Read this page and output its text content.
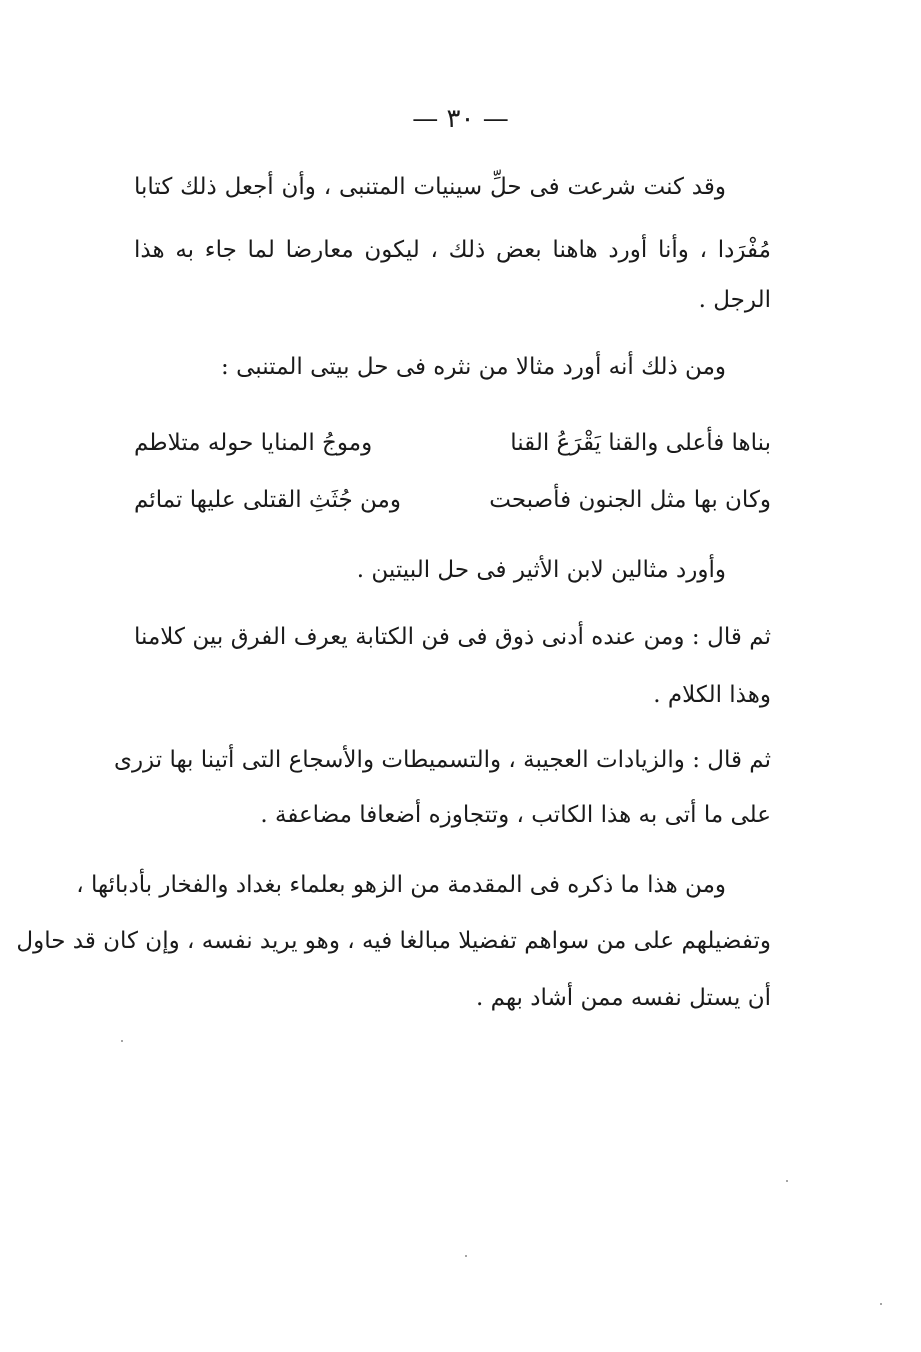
— ٣٠ —
وقد كنت شرعت فى حلِّ سينيات المتنبى ، وأن أجعل ذلك كتابا
مُفْرَدا ، وأنا أورد هاهنا بعض ذلك ، ليكون معارضا لما جاء به هذا
الرجل .
ومن ذلك أنه أورد مثالا من نثره فى حل بيتى المتنبى :
بناها فأعلى والقنا يَقْرَعُ القنا
وموجُ المنايا حوله متلاطم
وكان بها مثل الجنون فأصبحت
ومن جُثَثِ القتلى عليها تمائم
وأورد مثالين لابن الأثير فى حل البيتين .
ثم قال : ومن عنده أدنى ذوق فى فن الكتابة يعرف الفرق بين كلامنا
وهذا الكلام .
ثم قال : والزيادات العجيبة ، والتسميطات والأسجاع التى أتينا بها تزرى
على ما أتى به هذا الكاتب ، وتتجاوزه أضعافا مضاعفة .
ومن هذا ما ذكره فى المقدمة من الزهو بعلماء بغداد والفخار بأدبائها ،
وتفضيلهم على من سواهم تفضيلا مبالغا فيه ، وهو يريد نفسه ، وإن كان قد حاول
أن يستل نفسه ممن أشاد بهم .
